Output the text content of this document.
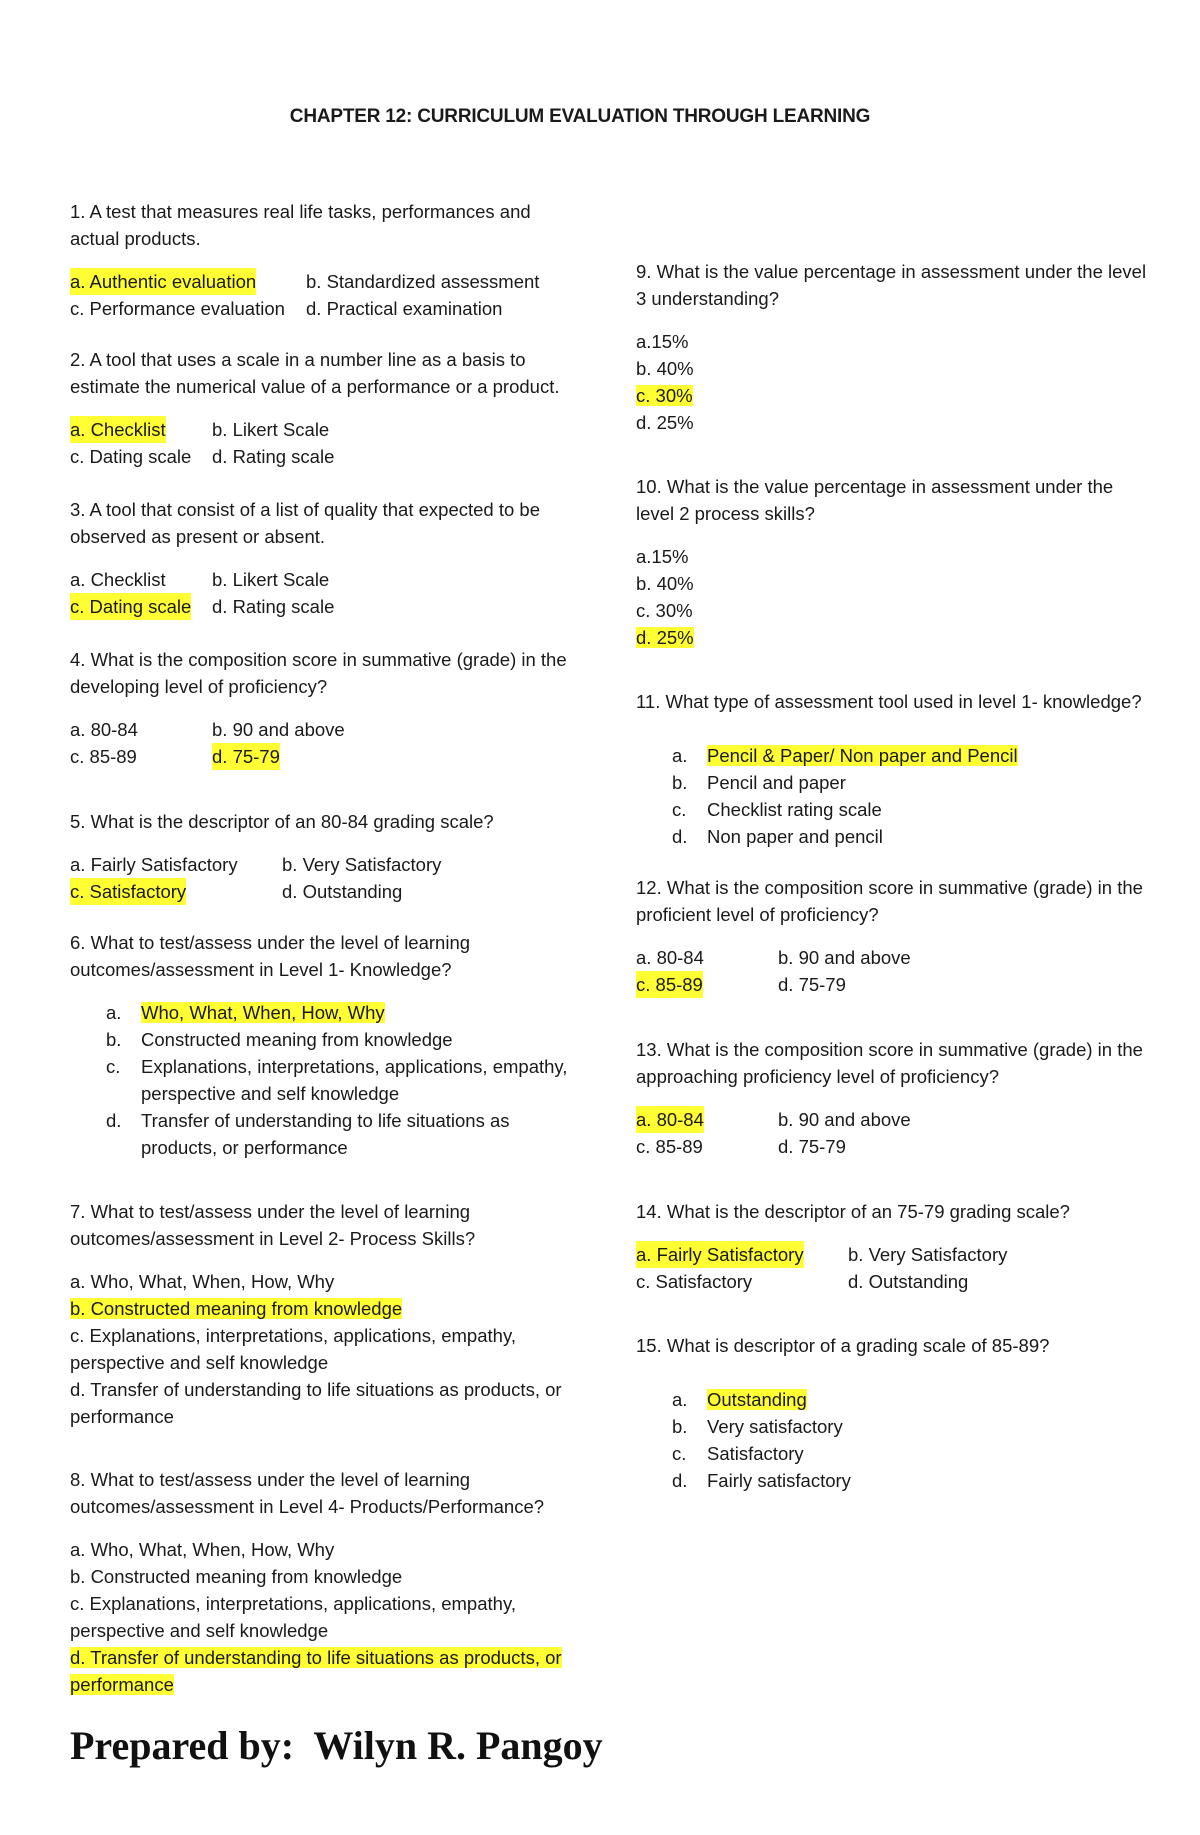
CHAPTER 12: CURRICULUM EVALUATION THROUGH LEARNING

1. A test that measures real life tasks, performances and actual products.

a. Authentic evaluation	b. Standardized assessment
c. Performance evaluation d. Practical examination

2. A tool that uses a scale in a number line as a basis to estimate the numerical value of a performance or a product.

a. Checklist	b. Likert Scale
c. Dating scale d. Rating scale

3. A tool that consist of a list of quality that expected to be observed as present or absent.

a. Checklist	b. Likert Scale
c. Dating scale d. Rating scale

4. What is the composition score in summative (grade) in the developing level of proficiency?

a. 80-84	b. 90 and above
c. 85-89	d. 75-79

5. What is the descriptor of an 80-84 grading scale?

a. Fairly Satisfactory b. Very Satisfactory
c. Satisfactory	d. Outstanding

6. What to test/assess under the level of learning outcomes/assessment in Level 1- Knowledge?

a. Who, What, When, How, Why
b. Constructed meaning from knowledge
c. Explanations, interpretations, applications, empathy, perspective and self knowledge
d. Transfer of understanding to life situations as products, or performance

7. What to test/assess under the level of learning outcomes/assessment in Level 2- Process Skills?

a. Who, What, When, How, Why
b. Constructed meaning from knowledge
c. Explanations, interpretations, applications, empathy, perspective and self knowledge
d. Transfer of understanding to life situations as products, or performance

8. What to test/assess under the level of learning outcomes/assessment in Level 4- Products/Performance?

a. Who, What, When, How, Why
b. Constructed meaning from knowledge
c. Explanations, interpretations, applications, empathy, perspective and self knowledge
d. Transfer of understanding to life situations as products, or performance

9. What is the value percentage in assessment under the level 3 understanding?

a.15%
b. 40%
c. 30%
d. 25%

10. What is the value percentage in assessment under the level 2 process skills?

a.15%
b. 40%
c. 30%
d. 25%

11. What type of assessment tool used in level 1- knowledge?

a. Pencil & Paper/ Non paper and Pencil
b. Pencil and paper
c. Checklist rating scale
d. Non paper and pencil

12. What is the composition score in summative (grade) in the proficient level of proficiency?

a. 80-84	b. 90 and above
c. 85-89	d. 75-79

13. What is the composition score in summative (grade) in the approaching proficiency level of proficiency?

a. 80-84	b. 90 and above
c. 85-89	d. 75-79

14. What is the descriptor of an 75-79 grading scale?

a. Fairly Satisfactory b. Very Satisfactory
c. Satisfactory	d. Outstanding

15. What is descriptor of a grading scale of 85-89?

a. Outstanding
b. Very satisfactory
c. Satisfactory
d. Fairly satisfactory
Prepared by: Wilyn R. Pangoy
